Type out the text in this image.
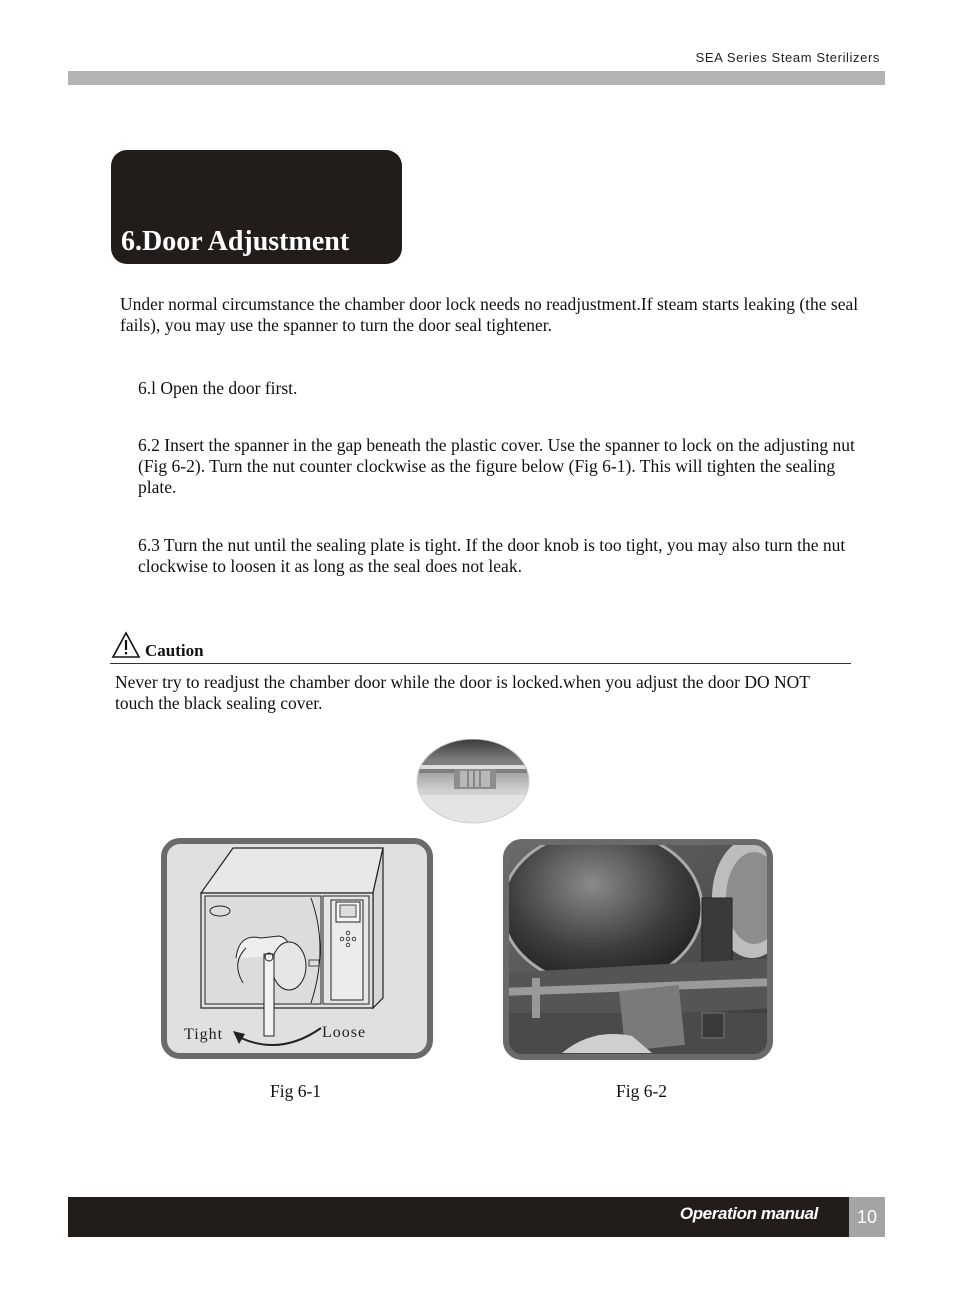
SEA Series Steam Sterilizers
6.Door Adjustment
Under normal circumstance the chamber door lock needs no readjustment.If steam starts leaking (the seal fails), you may use the spanner to turn the door seal tightener.
6.l Open the door first.
6.2 Insert the spanner in the gap beneath the plastic cover. Use the spanner to lock on the adjusting nut (Fig 6-2). Turn the nut counter clockwise as the figure below (Fig 6-1). This will tighten the sealing plate.
6.3 Turn the nut until the sealing plate is tight. If the door knob is too tight, you may also turn the nut clockwise to loosen it as long as the seal does not leak.
Caution
Never try to readjust the chamber door while the door is locked.when you adjust the door DO NOT touch the black sealing cover.
Tight	Loose
Fig 6-1	Fig 6-2
Operation manual	10
